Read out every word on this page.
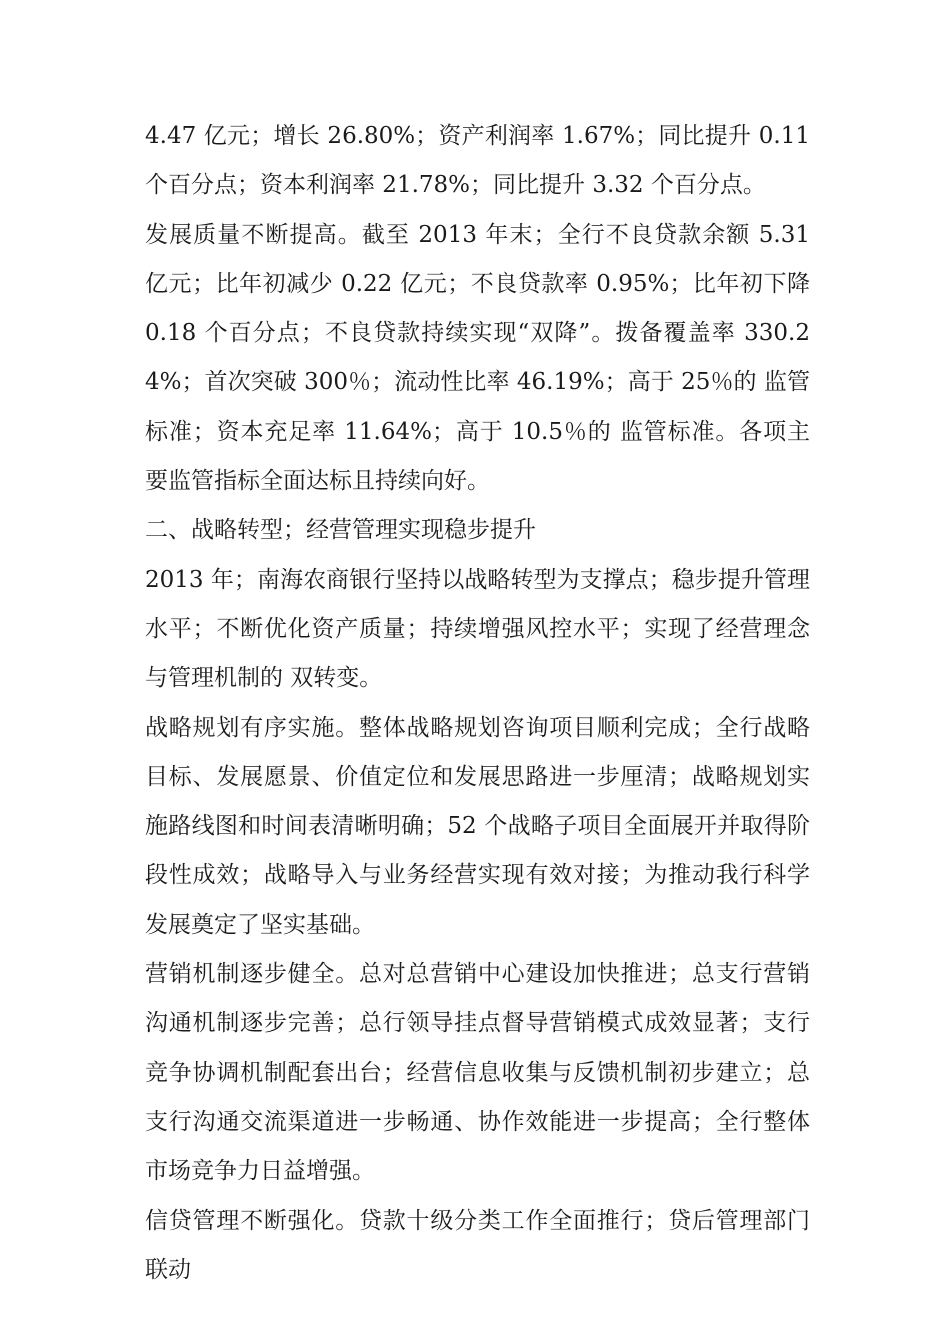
4.47 亿元；增长 26.80%；资产利润率 1.67%；同比提升 0.11 个百分点；资本利润率 21.78%；同比提升 3.32 个百分点。

发展质量不断提高。截至 2013 年末；全行不良贷款余额 5.31 亿元；比年初减少 0.22 亿元；不良贷款率 0.95%；比年初下降 0.18 个百分点；不良贷款持续实现“双降”。拨备覆盖率 330.24%；首次突破 300％；流动性比率 46.19%；高于 25％的 监管标准；资本充足率 11.64%；高于 10.5％的 监管标准。各项主要监管指标全面达标且持续向好。

二、战略转型；经营管理实现稳步提升

2013 年；南海农商银行坚持以战略转型为支撑点；稳步提升管理水平；不断优化资产质量；持续增强风控水平；实现了经营理念与管理机制的 双转变。

战略规划有序实施。整体战略规划咨询项目顺利完成；全行战略目标、发展愿景、价值定位和发展思路进一步厘清；战略规划实施路线图和时间表清晰明确；52 个战略子项目全面展开并取得阶段性成效；战略导入与业务经营实现有效对接；为推动我行科学发展奠定了坚实基础。

营销机制逐步健全。总对总营销中心建设加快推进；总支行营销沟通机制逐步完善；总行领导挂点督导营销模式成效显著；支行竞争协调机制配套出台；经营信息收集与反馈机制初步建立；总支行沟通交流渠道进一步畅通、协作效能进一步提高；全行整体市场竞争力日益增强。

信贷管理不断强化。贷款十级分类工作全面推行；贷后管理部门联动
